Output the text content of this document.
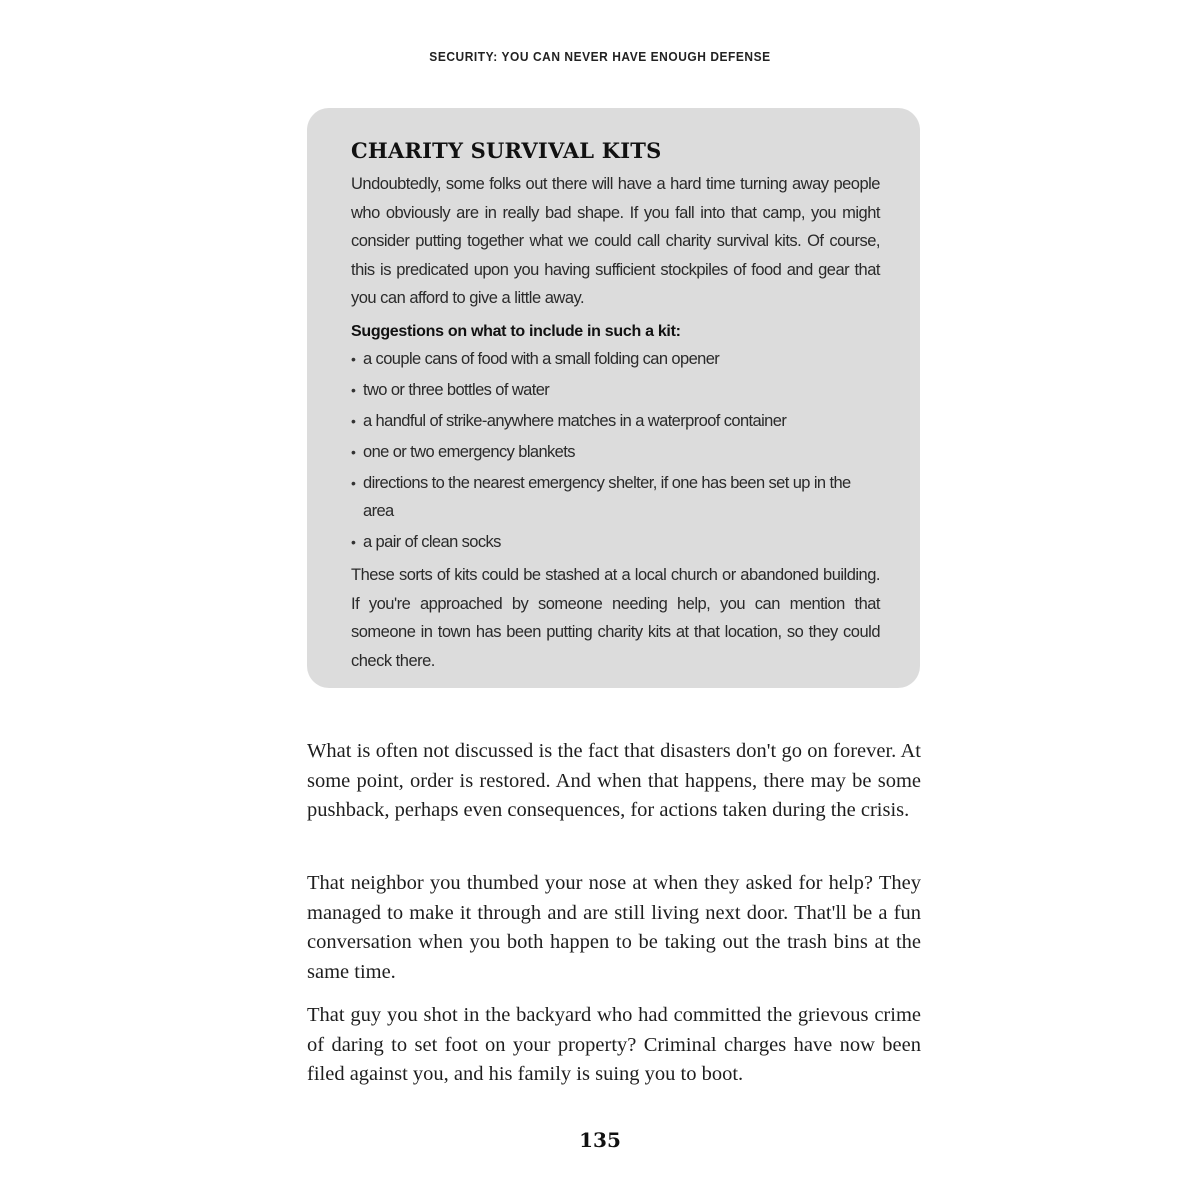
SECURITY: YOU CAN NEVER HAVE ENOUGH DEFENSE
CHARITY SURVIVAL KITS

Undoubtedly, some folks out there will have a hard time turning away people who obviously are in really bad shape. If you fall into that camp, you might consider putting together what we could call charity survival kits. Of course, this is predicated upon you having sufficient stockpiles of food and gear that you can afford to give a little away.

Suggestions on what to include in such a kit:
• a couple cans of food with a small folding can opener
• two or three bottles of water
• a handful of strike-anywhere matches in a waterproof container
• one or two emergency blankets
• directions to the nearest emergency shelter, if one has been set up in the area
• a pair of clean socks

These sorts of kits could be stashed at a local church or abandoned building. If you're approached by someone needing help, you can mention that someone in town has been putting charity kits at that location, so they could check there.

What is often not discussed is the fact that disasters don't go on forever. At some point, order is restored. And when that happens, there may be some pushback, perhaps even consequences, for actions taken during the crisis.

That neighbor you thumbed your nose at when they asked for help? They managed to make it through and are still living next door. That'll be a fun conversation when you both happen to be taking out the trash bins at the same time.

That guy you shot in the backyard who had committed the grievous crime of daring to set foot on your property? Criminal charges have now been filed against you, and his family is suing you to boot.

135
